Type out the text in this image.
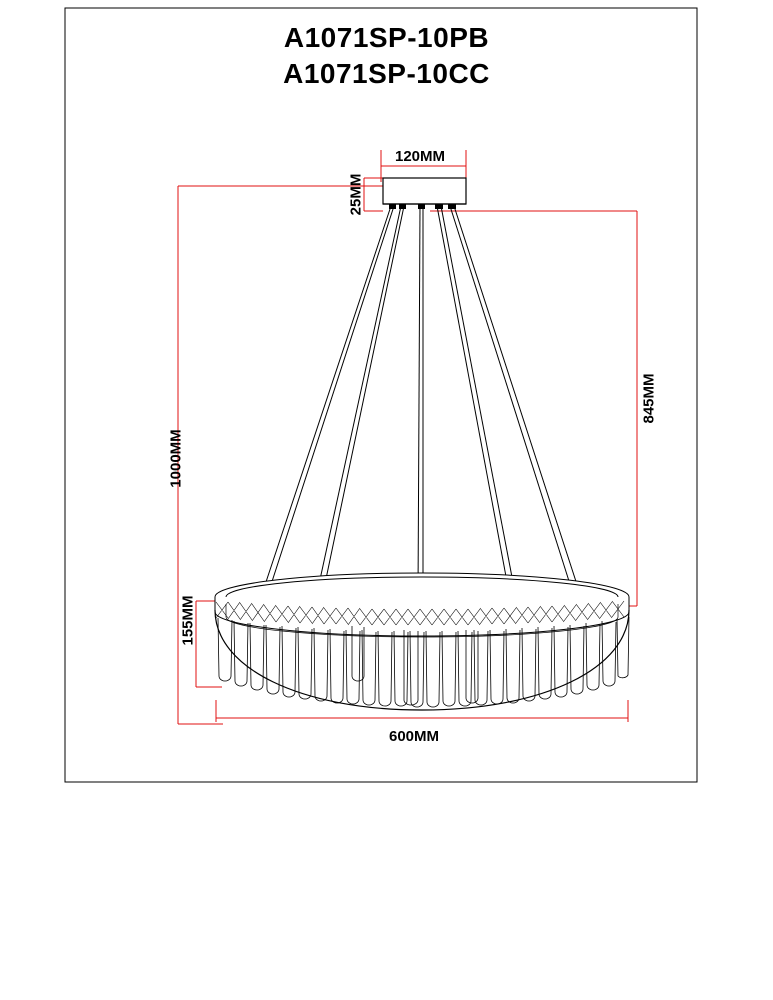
A1071SP-10PB
A1071SP-10CC
120MM
25MM
1000MM
845MM
155MM
600MM
